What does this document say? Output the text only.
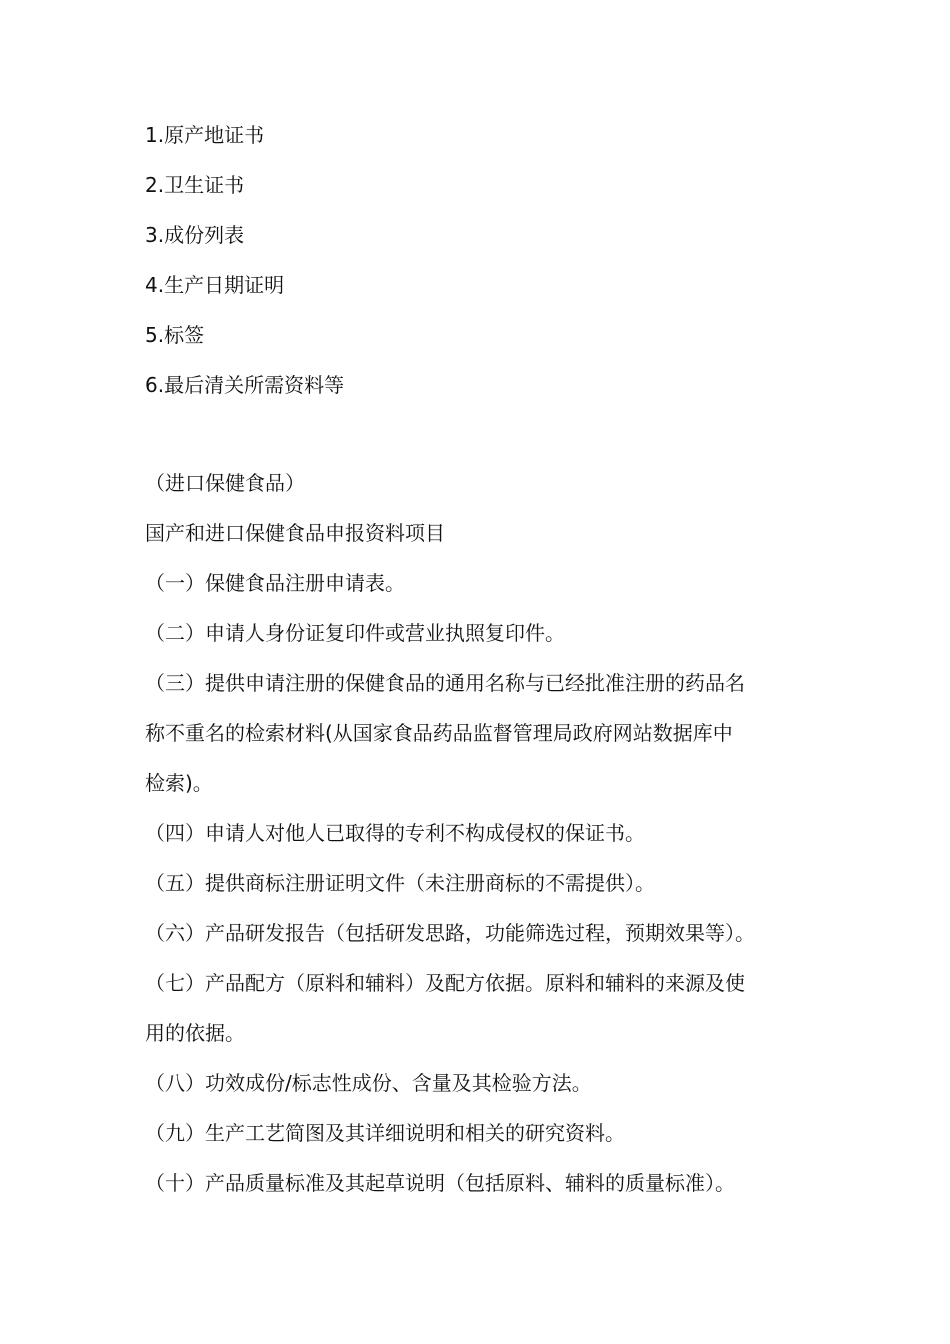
1.原产地证书
2.卫生证书
3.成份列表
4.生产日期证明
5.标签
6.最后清关所需资料等
（进口保健食品）
国产和进口保健食品申报资料项目
（一）保健食品注册申请表。
（二）申请人身份证复印件或营业执照复印件。
（三）提供申请注册的保健食品的通用名称与已经批准注册的药品名
称不重名的检索材料(从国家食品药品监督管理局政府网站数据库中
检索)。
（四）申请人对他人已取得的专利不构成侵权的保证书。
（五）提供商标注册证明文件（未注册商标的不需提供）。
（六）产品研发报告（包括研发思路，功能筛选过程，预期效果等）。
（七）产品配方（原料和辅料）及配方依据。原料和辅料的来源及使
用的依据。
（八）功效成份/标志性成份、含量及其检验方法。
（九）生产工艺简图及其详细说明和相关的研究资料。
（十）产品质量标准及其起草说明（包括原料、辅料的质量标准）。
